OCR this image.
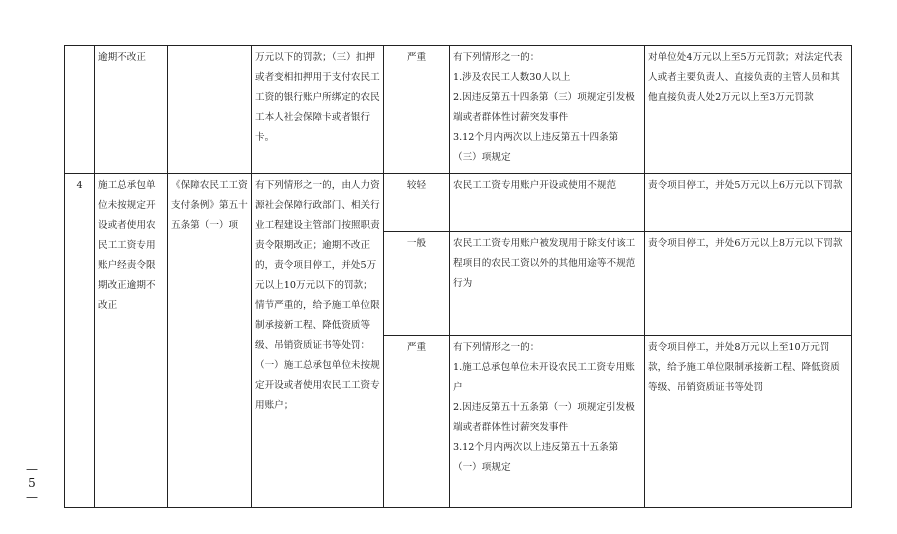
	逾期不改正		万元以下的罚款；（三）扣押或者变相扣押用于支付农民工工资的银行账户所绑定的农民工本人社会保障卡或者银行卡。	严重	有下列情形之一的：
1.涉及农民工人数30人以上
2.因违反第五十四条第（三）项规定引发极端或者群体性讨薪突发事件
3.12个月内两次以上违反第五十四条第（三）项规定	对单位处4万元以上至5万元罚款；对法定代表人或者主要负责人、直接负责的主管人员和其他直接负责人处2万元以上至3万元罚款
4	施工总承包单位未按规定开设或者使用农民工工资专用账户经责令限期改正逾期不改正	《保障农民工工资支付条例》第五十五条第（一）项	有下列情形之一的，由人力资源社会保障行政部门、相关行业工程建设主管部门按照职责责令限期改正；逾期不改正的，责令项目停工，并处5万元以上10万元以下的罚款；情节严重的，给予施工单位限制承接新工程、降低资质等级、吊销资质证书等处罚：（一）施工总承包单位未按规定开设或者使用农民工工资专用账户；	较轻	农民工工资专用账户开设或使用不规范	责令项目停工，并处5万元以上6万元以下罚款
				一般	农民工工资专用账户被发现用于除支付该工程项目的农民工资以外的其他用途等不规范行为	责令项目停工，并处6万元以上8万元以下罚款
				严重	有下列情形之一的：
1.施工总承包单位未开设农民工工资专用账户
2.因违反第五十五条第（一）项规定引发极端或者群体性讨薪突发事件
3.12个月内两次以上违反第五十五条第（一）项规定	责令项目停工，并处8万元以上至10万元罚款，给予施工单位限制承接新工程、降低资质等级、吊销资质证书等处罚
— 5 —
